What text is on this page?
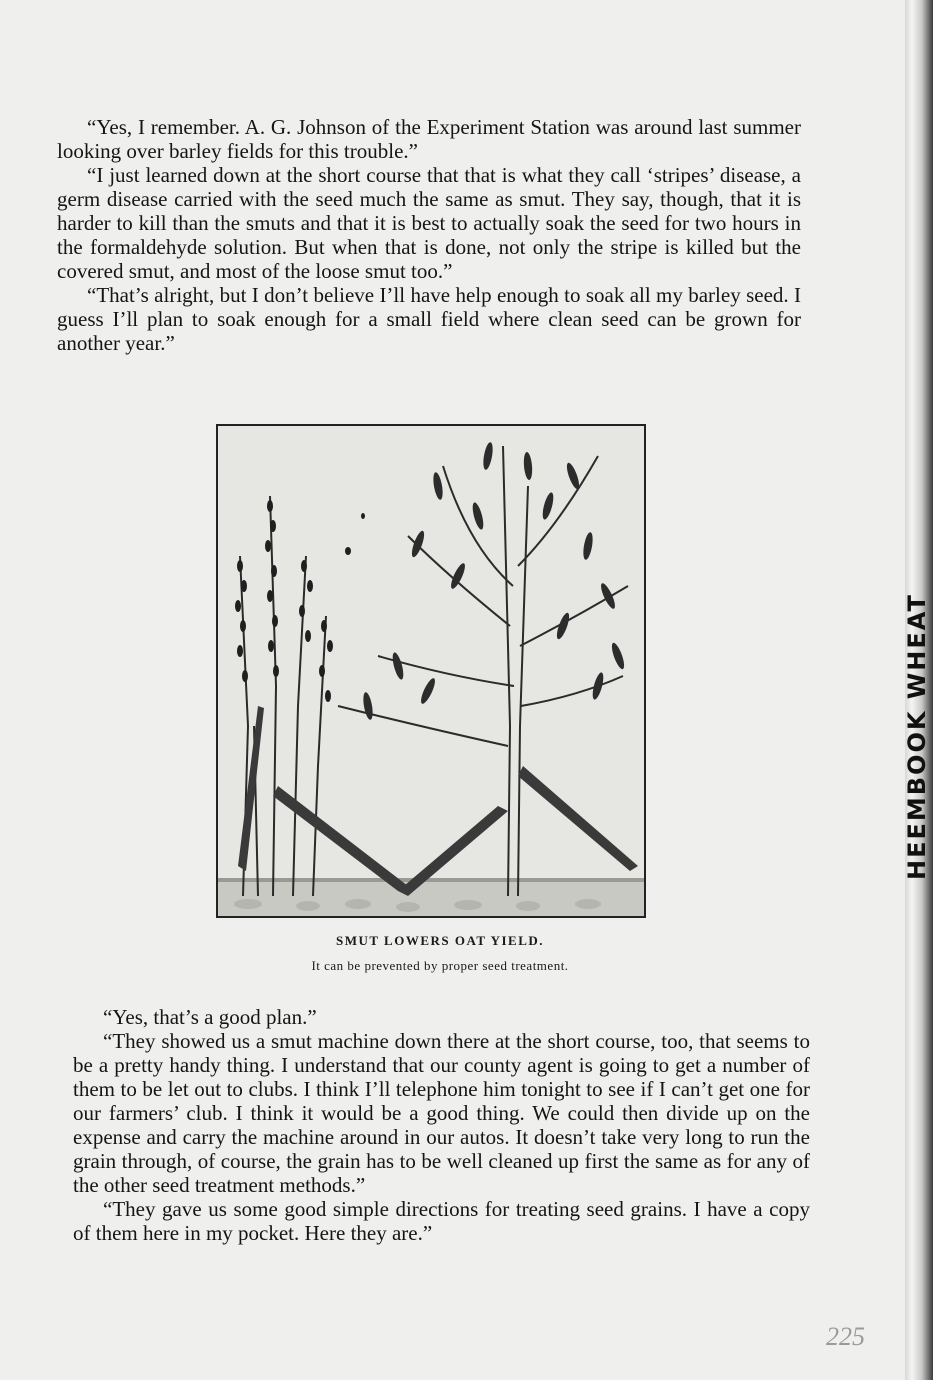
“Yes, I remember. A. G. Johnson of the Experiment Station was around last summer looking over barley fields for this trouble.”

“I just learned down at the short course that that is what they call ‘stripes’ disease, a germ disease carried with the seed much the same as smut. They say, though, that it is harder to kill than the smuts and that it is best to actually soak the seed for two hours in the formaldehyde solution. But when that is done, not only the stripe is killed but the covered smut, and most of the loose smut too.”

“That’s alright, but I don’t believe I’ll have help enough to soak all my barley seed. I guess I’ll plan to soak enough for a small field where clean seed can be grown for another year.”

SMUT LOWERS OAT YIELD.
It can be prevented by proper seed treatment.

“Yes, that’s a good plan.”

“They showed us a smut machine down there at the short course, too, that seems to be a pretty handy thing. I understand that our county agent is going to get a number of them to be let out to clubs. I think I’ll telephone him tonight to see if I can’t get one for our farmers’ club. I think it would be a good thing. We could then divide up on the expense and carry the machine around in our autos. It doesn’t take very long to run the grain through, of course, the grain has to be well cleaned up first the same as for any of the other seed treatment methods.”

“They gave us some good simple directions for treating seed grains. I have a copy of them here in my pocket. Here they are.”

225
HEEMBOOK WHEAT
